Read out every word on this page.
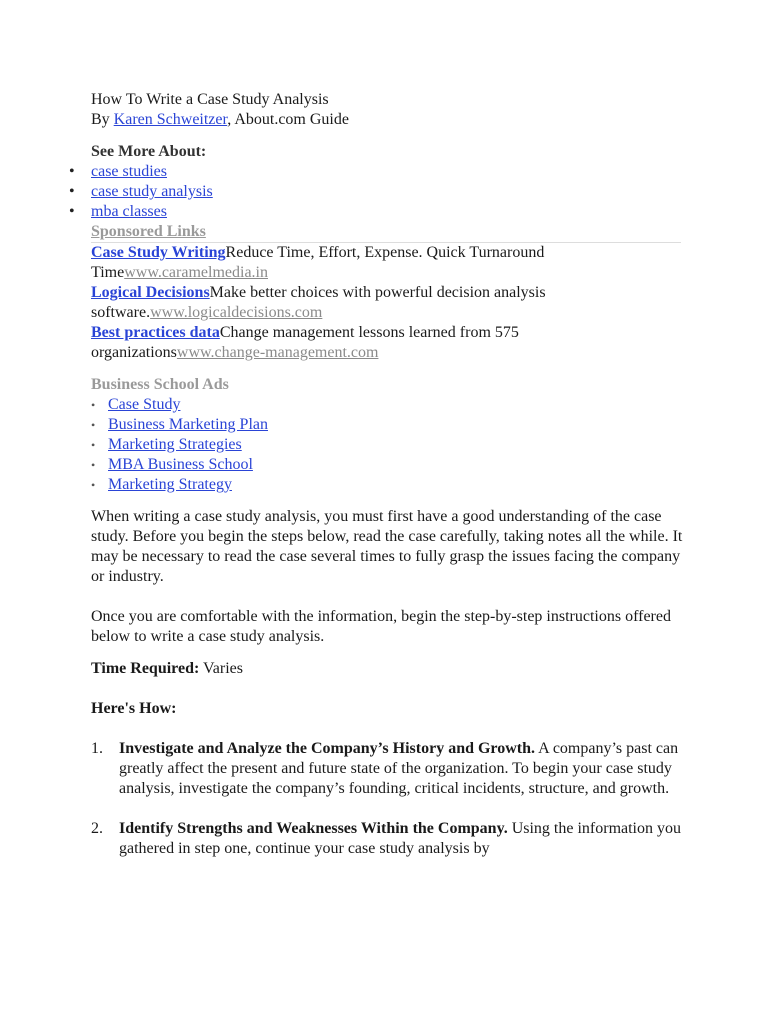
How To Write a Case Study Analysis

By Karen Schweitzer, About.com Guide

See More About:

• case studies
• case study analysis
• mba classes

Sponsored Links

Case Study WritingReduce Time, Effort, Expense. Quick Turnaround Timewww.caramelmedia.in

Logical DecisionsMake better choices with powerful decision analysis software.www.logicaldecisions.com

Best practices dataChange management lessons learned from 575 organizationswww.change-management.com

Business School Ads

• Case Study
• Business Marketing Plan
• Marketing Strategies
• MBA Business School
• Marketing Strategy

When writing a case study analysis, you must first have a good understanding of the case study. Before you begin the steps below, read the case carefully, taking notes all the while. It may be necessary to read the case several times to fully grasp the issues facing the company or industry.

Once you are comfortable with the information, begin the step-by-step instructions offered below to write a case study analysis.

Time Required: Varies

Here's How:

1. Investigate and Analyze the Company’s History and Growth. A company’s past can greatly affect the present and future state of the organization. To begin your case study analysis, investigate the company’s founding, critical incidents, structure, and growth.
2. Identify Strengths and Weaknesses Within the Company. Using the information you gathered in step one, continue your case study analysis by
